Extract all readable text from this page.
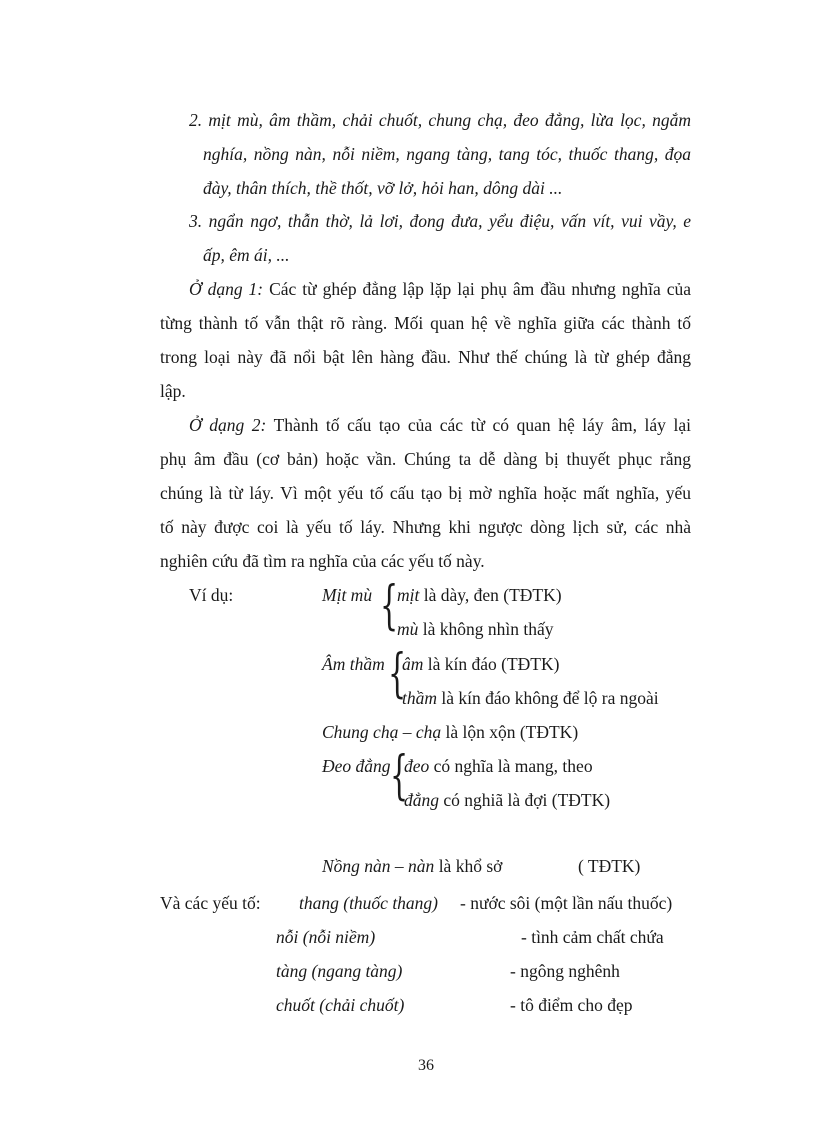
2. mịt mù, âm thầm, chải chuốt, chung chạ, đeo đẳng, lừa lọc, ngắm
nghía, nồng nàn, nỗi niềm, ngang tàng, tang tóc, thuốc thang, đọa
đày, thân thích, thề thốt, vỡ lở, hỏi han, dông dài ...
3. ngẩn ngơ, thẫn thờ, lả lơi, đong đưa, yểu điệu, vấn vít, vui vầy, e
ấp, êm ái, ...
Ở dạng 1: Các từ ghép đẳng lập lặp lại phụ âm đầu nhưng nghĩa của
từng thành tố vẫn thật rõ ràng. Mối quan hệ về nghĩa giữa các thành tố
trong loại này đã nổi bật lên hàng đầu. Như thế chúng là từ ghép đẳng
lập.
Ở dạng 2: Thành tố cấu tạo của các từ có quan hệ láy âm, láy lại
phụ âm đầu (cơ bản) hoặc vần. Chúng ta dễ dàng bị thuyết phục rằng
chúng là từ láy. Vì một yếu tố cấu tạo bị mờ nghĩa hoặc mất nghĩa, yếu
tố này được coi là yếu tố láy. Nhưng khi ngược dòng lịch sử, các nhà
nghiên cứu đã tìm ra nghĩa của các yếu tố này.
Ví dụ:	Mịt mù {
mịt là dày, đen (TĐTK)
mù là không nhìn thấy
Âm thầm {
âm là kín đáo (TĐTK)
thầm là kín đáo không để lộ ra ngoài
Chung chạ – chạ là lộn xộn (TĐTK)
Đeo đẳng {
đeo có nghĩa là mang, theo
đẳng có nghiã là đợi (TĐTK)
Nồng nàn – nàn là khổ sở	( TĐTK)
Và các yếu tố: thang (thuốc thang) - nước sôi (một lần nấu thuốc)
nỗi (nỗi niềm)	- tình cảm chất chứa
tàng (ngang tàng)	- ngông nghênh
chuốt (chải chuốt)	- tô điểm cho đẹp
36
